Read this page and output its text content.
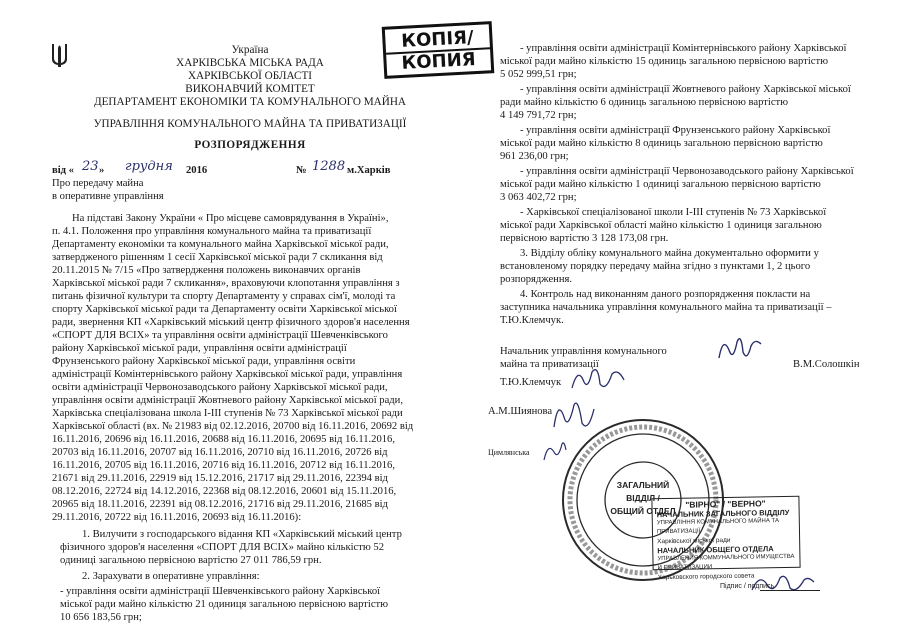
Україна
ХАРКІВСЬКА МІСЬКА РАДА
ХАРКІВСЬКОЇ ОБЛАСТІ
ВИКОНАВЧИЙ КОМІТЕТ
ДЕПАРТАМЕНТ ЕКОНОМІКИ ТА КОМУНАЛЬНОГО МАЙНА
УПРАВЛІННЯ КОМУНАЛЬНОГО МАЙНА ТА ПРИВАТИЗАЦІЇ
РОЗПОРЯДЖЕННЯ
від « 23 » грудня 2016	№ 1288 м.Харків
Про передачу майна
в оперативне управління
На підставі Закону України « Про місцеве самоврядування в Україні»,
п. 4.1. Положення про управління комунального майна та приватизації
Департаменту економіки та комунального майна Харківської міської ради,
затвердженого рішенням 1 сесії Харківської міської ради 7 скликання від
20.11.2015 № 7/15 «Про затвердження положень виконавчих органів
Харківської міської ради 7 скликання», враховуючи клопотання управління з
питань фізичної культури та спорту Департаменту у справах сім'ї, молоді та
спорту Харківської міської ради та Департаменту освіти Харківської міської
ради, звернення КП «Харківський міський центр фізичного здоров'я населення
«СПОРТ ДЛЯ ВСІХ» та управління освіти адміністрації Шевченківського
району Харківської міської ради, управління освіти адміністрації
Фрунзенського району Харківської міської ради, управління освіти
адміністрації Комінтернівського району Харківської міської ради, управління
освіти адміністрації Червонозаводського району Харківської міської ради,
управління освіти адміністрації Жовтневого району Харківської міської ради,
Харківська спеціалізована школа І-ІІІ ступенів № 73 Харківської міської ради
Харківської області (вх. № 21983 від 02.12.2016, 20700 від 16.11.2016, 20692 від
16.11.2016, 20696 від 16.11.2016, 20688 від 16.11.2016, 20695 від 16.11.2016,
20703 від 16.11.2016, 20707 від 16.11.2016, 20710 від 16.11.2016, 20726 від
16.11.2016, 20705 від 16.11.2016, 20716 від 16.11.2016, 20712 від 16.11.2016,
21671 від 29.11.2016, 22919 від 15.12.2016, 21717 від 29.11.2016, 22394 від
08.12.2016, 22724 від 14.12.2016, 22368 від 08.12.2016, 20601 від 15.11.2016,
20965 від 18.11.2016, 22391 від 08.12.2016, 21716 від 29.11.2016, 21685 від
29.11.2016, 20722 від 16.11.2016, 20693 від 16.11.2016):
1. Вилучити з господарського відання КП «Харківський міський центр
фізичного здоров'я населення «СПОРТ ДЛЯ ВСІХ» майно кількістю 52
одиниці загальною первісною вартістю 27 011 786,59 грн.
2. Зарахувати в оперативне управління:
- управління освіти адміністрації Шевченківського району Харківської
міської ради майно кількістю 21 одиниця загальною первісною вартістю
10 656 183,56 грн;
КОПІЯ/
КОПИЯ
- управління освіти адміністрації Комінтернівського району Харківської
міської ради майно кількістю 15 одиниць загальною первісною вартістю
5 052 999,51 грн;
- управління освіти адміністрації Жовтневого району Харківської міської
ради майно кількістю 6 одиниць загальною первісною вартістю
4 149 791,72 грн;
- управління освіти адміністрації Фрунзенського району Харківської
міської ради майно кількістю 8 одиниць загальною первісною вартістю
961 236,00 грн;
- управління освіти адміністрації Червонозаводського району Харківської
міської ради майно кількістю 1 одиниці загальною первісною вартістю
3 063 402,72 грн;
- Харківської спеціалізованої школи І-ІІІ ступенів № 73 Харківської
міської ради Харківської області майно кількістю 1 одиниця загальною
первісною вартістю 3 128 173,08 грн.
3. Відділу обліку комунального майна документально оформити у
встановленому порядку передачу майна згідно з пунктами 1, 2 цього
розпорядження.
4. Контроль над виконанням даного розпорядження покласти на
заступника начальника управління комунального майна та приватизації –
Т.Ю.Клемчук.
Начальник управління комунального
майна та приватизації	В.М.Солошкін
Т.Ю.Клемчук
А.М.Шиянова
Цимлянська
ЗАГАЛЬНИЙ
ВІДДІЛ /
ОБЩИЙ ОТДЕЛ
"ВІРНО" / "ВЕРНО"
НАЧАЛЬНИК ЗАГАЛЬНОГО ВІДДІЛУ
УПРАВЛІННЯ КОМУНАЛЬНОГО МАЙНА ТА ПРИВАТИЗАЦІЇ
Харківської міської ради
НАЧАЛЬНИК ОБЩЕГО ОТДЕЛА
УПРАВЛЕНИЯ КОММУНАЛЬНОГО ИМУЩЕСТВА И ПРИВАТИЗАЦИИ
Харьковского городского совета
Підпис / подпись
